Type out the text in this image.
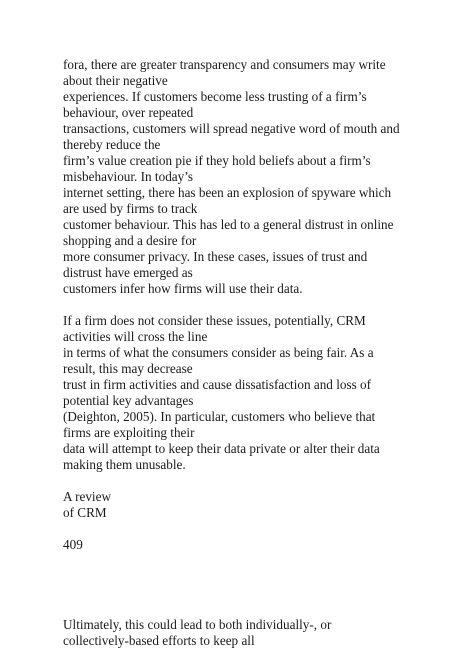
fora, there are greater transparency and consumers may write

about their negative

experiences. If customers become less trusting of a firm’s

behaviour, over repeated

transactions, customers will spread negative word of mouth and

thereby reduce the

firm’s value creation pie if they hold beliefs about a firm’s

misbehaviour. In today’s

internet setting, there has been an explosion of spyware which

are used by firms to track

customer behaviour. This has led to a general distrust in online

shopping and a desire for

more consumer privacy. In these cases, issues of trust and

distrust have emerged as

customers infer how firms will use their data.

If a firm does not consider these issues, potentially, CRM

activities will cross the line

in terms of what the consumers consider as being fair. As a

result, this may decrease

trust in firm activities and cause dissatisfaction and loss of

potential key advantages

(Deighton, 2005). In particular, customers who believe that

firms are exploiting their

data will attempt to keep their data private or alter their data

making them unusable.

A review

of CRM

409

Ultimately, this could lead to both individually-, or

collectively-based efforts to keep all
